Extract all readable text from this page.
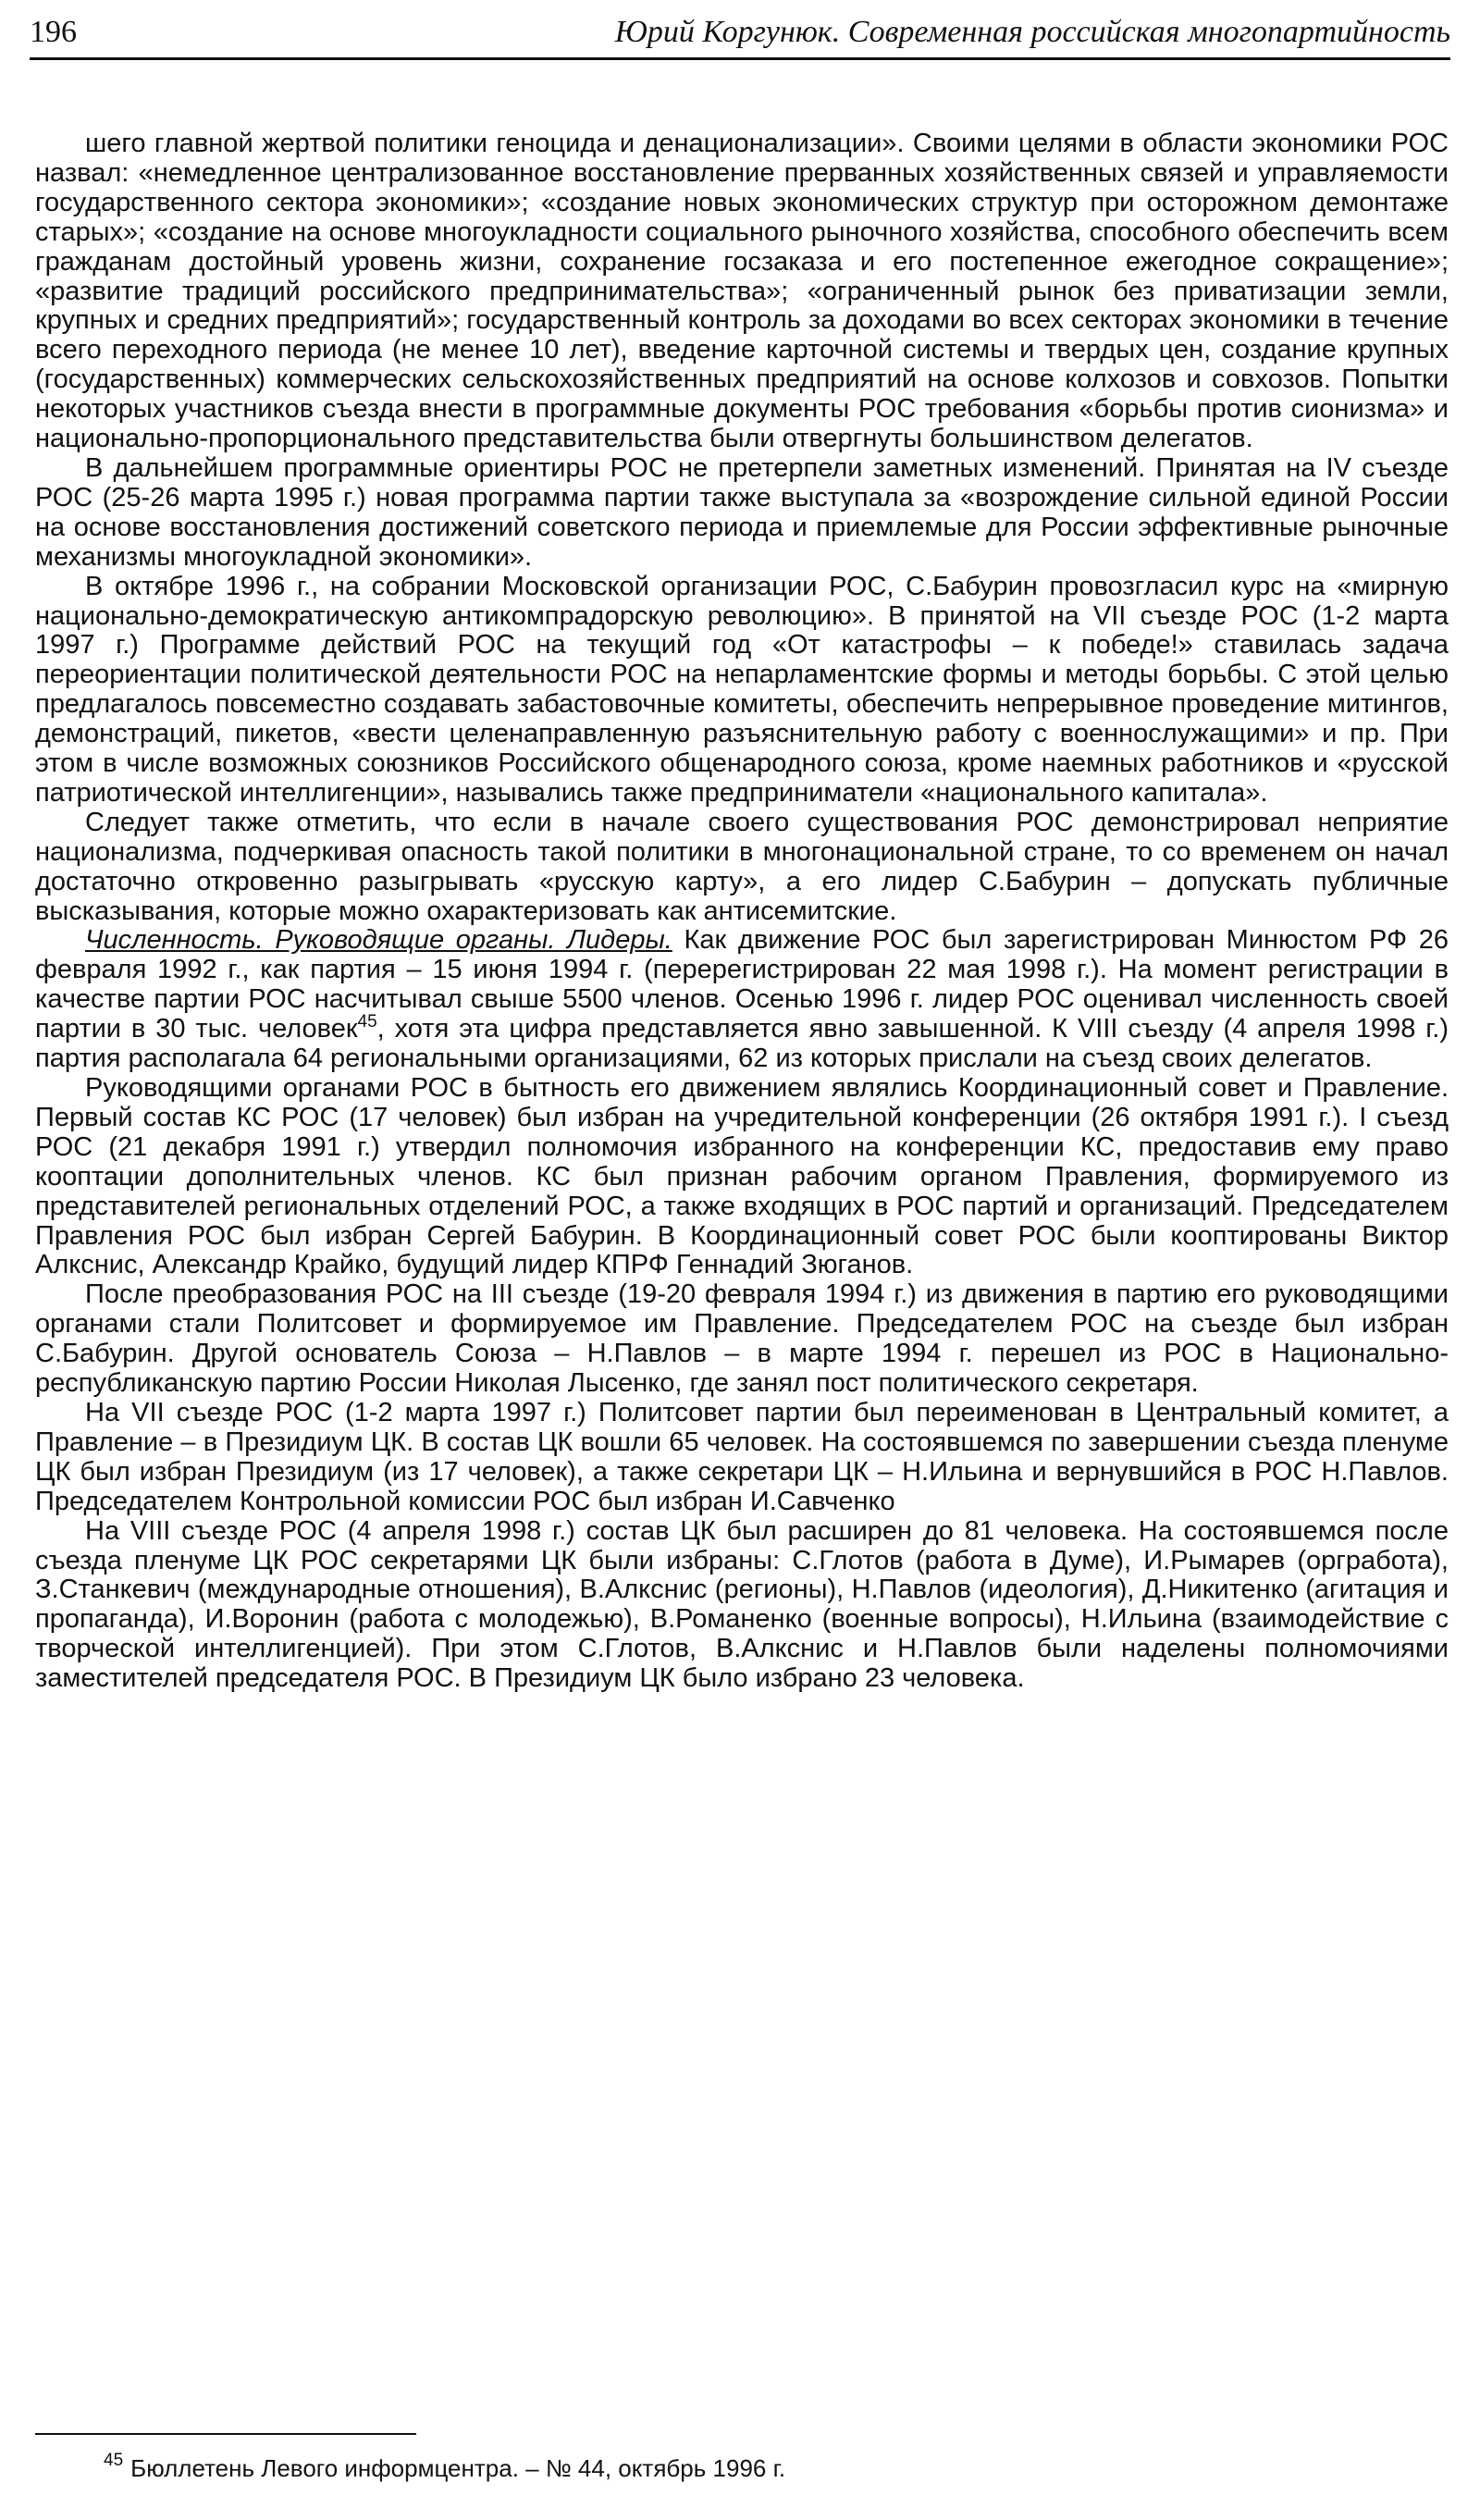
196	Юрий Коргунюк. Современная российская многопартийность

шего главной жертвой политики геноцида и денационализации». Своими целями в области экономики РОС назвал: «немедленное централизованное восстановление прерванных хозяйственных связей и управляемости государственного сектора экономики»; «создание новых экономических структур при осторожном демонтаже старых»; «создание на основе многоукладности социального рыночного хозяйства, способного обеспечить всем гражданам достойный уровень жизни, сохранение госзаказа и его постепенное ежегодное сокращение»; «развитие традиций российского предпринимательства»; «ограниченный рынок без приватизации земли, крупных и средних предприятий»; государственный контроль за доходами во всех секторах экономики в течение всего переходного периода (не менее 10 лет), введение карточной системы и твердых цен, создание крупных (государственных) коммерческих сельскохозяйственных предприятий на основе колхозов и совхозов. Попытки некоторых участников съезда внести в программные документы РОС требования «борьбы против сионизма» и национально-пропорционального представительства были отвергнуты большинством делегатов.

В дальнейшем программные ориентиры РОС не претерпели заметных изменений. Принятая на IV съезде РОС (25-26 марта 1995 г.) новая программа партии также выступала за «возрождение сильной единой России на основе восстановления достижений советского периода и приемлемые для России эффективные рыночные механизмы многоукладной экономики».

В октябре 1996 г., на собрании Московской организации РОС, С.Бабурин провозгласил курс на «мирную национально-демократическую антикомпрадорскую революцию». В принятой на VII съезде РОС (1-2 марта 1997 г.) Программе действий РОС на текущий год «От катастрофы – к победе!» ставилась задача переориентации политической деятельности РОС на непарламентские формы и методы борьбы. С этой целью предлагалось повсеместно создавать забастовочные комитеты, обеспечить непрерывное проведение митингов, демонстраций, пикетов, «вести целенаправленную разъяснительную работу с военнослужащими» и пр. При этом в числе возможных союзников Российского общенародного союза, кроме наемных работников и «русской патриотической интеллигенции», назывались также предприниматели «национального капитала».

Следует также отметить, что если в начале своего существования РОС демонстрировал неприятие национализма, подчеркивая опасность такой политики в многонациональной стране, то со временем он начал достаточно откровенно разыгрывать «русскую карту», а его лидер С.Бабурин – допускать публичные высказывания, которые можно охарактеризовать как антисемитские.

Численность. Руководящие органы. Лидеры. Как движение РОС был зарегистрирован Минюстом РФ 26 февраля 1992 г., как партия – 15 июня 1994 г. (перерегистрирован 22 мая 1998 г.). На момент регистрации в качестве партии РОС насчитывал свыше 5500 членов. Осенью 1996 г. лидер РОС оценивал численность своей партии в 30 тыс. человек$^{45}$, хотя эта цифра представляется явно завышенной. К VIII съезду (4 апреля 1998 г.) партия располагала 64 региональными организациями, 62 из которых прислали на съезд своих делегатов.

Руководящими органами РОС в бытность его движением являлись Координационный совет и Правление. Первый состав КС РОС (17 человек) был избран на учредительной конференции (26 октября 1991 г.). I съезд РОС (21 декабря 1991 г.) утвердил полномочия избранного на конференции КС, предоставив ему право кооптации дополнительных членов. КС был признан рабочим органом Правления, формируемого из представителей региональных отделений РОС, а также входящих в РОС партий и организаций. Председателем Правления РОС был избран Сергей Бабурин. В Координационный совет РОС были кооптированы Виктор Алкснис, Александр Крайко, будущий лидер КПРФ Геннадий Зюганов.

После преобразования РОС на III съезде (19-20 февраля 1994 г.) из движения в партию его руководящими органами стали Политсовет и формируемое им Правление. Председателем РОС на съезде был избран С.Бабурин. Другой основатель Союза – Н.Павлов – в марте 1994 г. перешел из РОС в Национально-республиканскую партию России Николая Лысенко, где занял пост политического секретаря.

На VII съезде РОС (1-2 марта 1997 г.) Политсовет партии был переименован в Центральный комитет, а Правление – в Президиум ЦК. В состав ЦК вошли 65 человек. На состоявшемся по завершении съезда пленуме ЦК был избран Президиум (из 17 человек), а также секретари ЦК – Н.Ильина и вернувшийся в РОС Н.Павлов. Председателем Контрольной комиссии РОС был избран И.Савченко

На VIII съезде РОС (4 апреля 1998 г.) состав ЦК был расширен до 81 человека. На состоявшемся после съезда пленуме ЦК РОС секретарями ЦК были избраны: С.Глотов (работа в Думе), И.Рымарев (оргработа), З.Станкевич (международные отношения), В.Алкснис (регионы), Н.Павлов (идеология), Д.Никитенко (агитация и пропаганда), И.Воронин (работа с молодежью), В.Романенко (военные вопросы), Н.Ильина (взаимодействие с творческой интеллигенцией). При этом С.Глотов, В.Алкснис и Н.Павлов были наделены полномочиями заместителей председателя РОС. В Президиум ЦК было избрано 23 человека.

$^{45}$ Бюллетень Левого информцентра. – № 44, октябрь 1996 г.
